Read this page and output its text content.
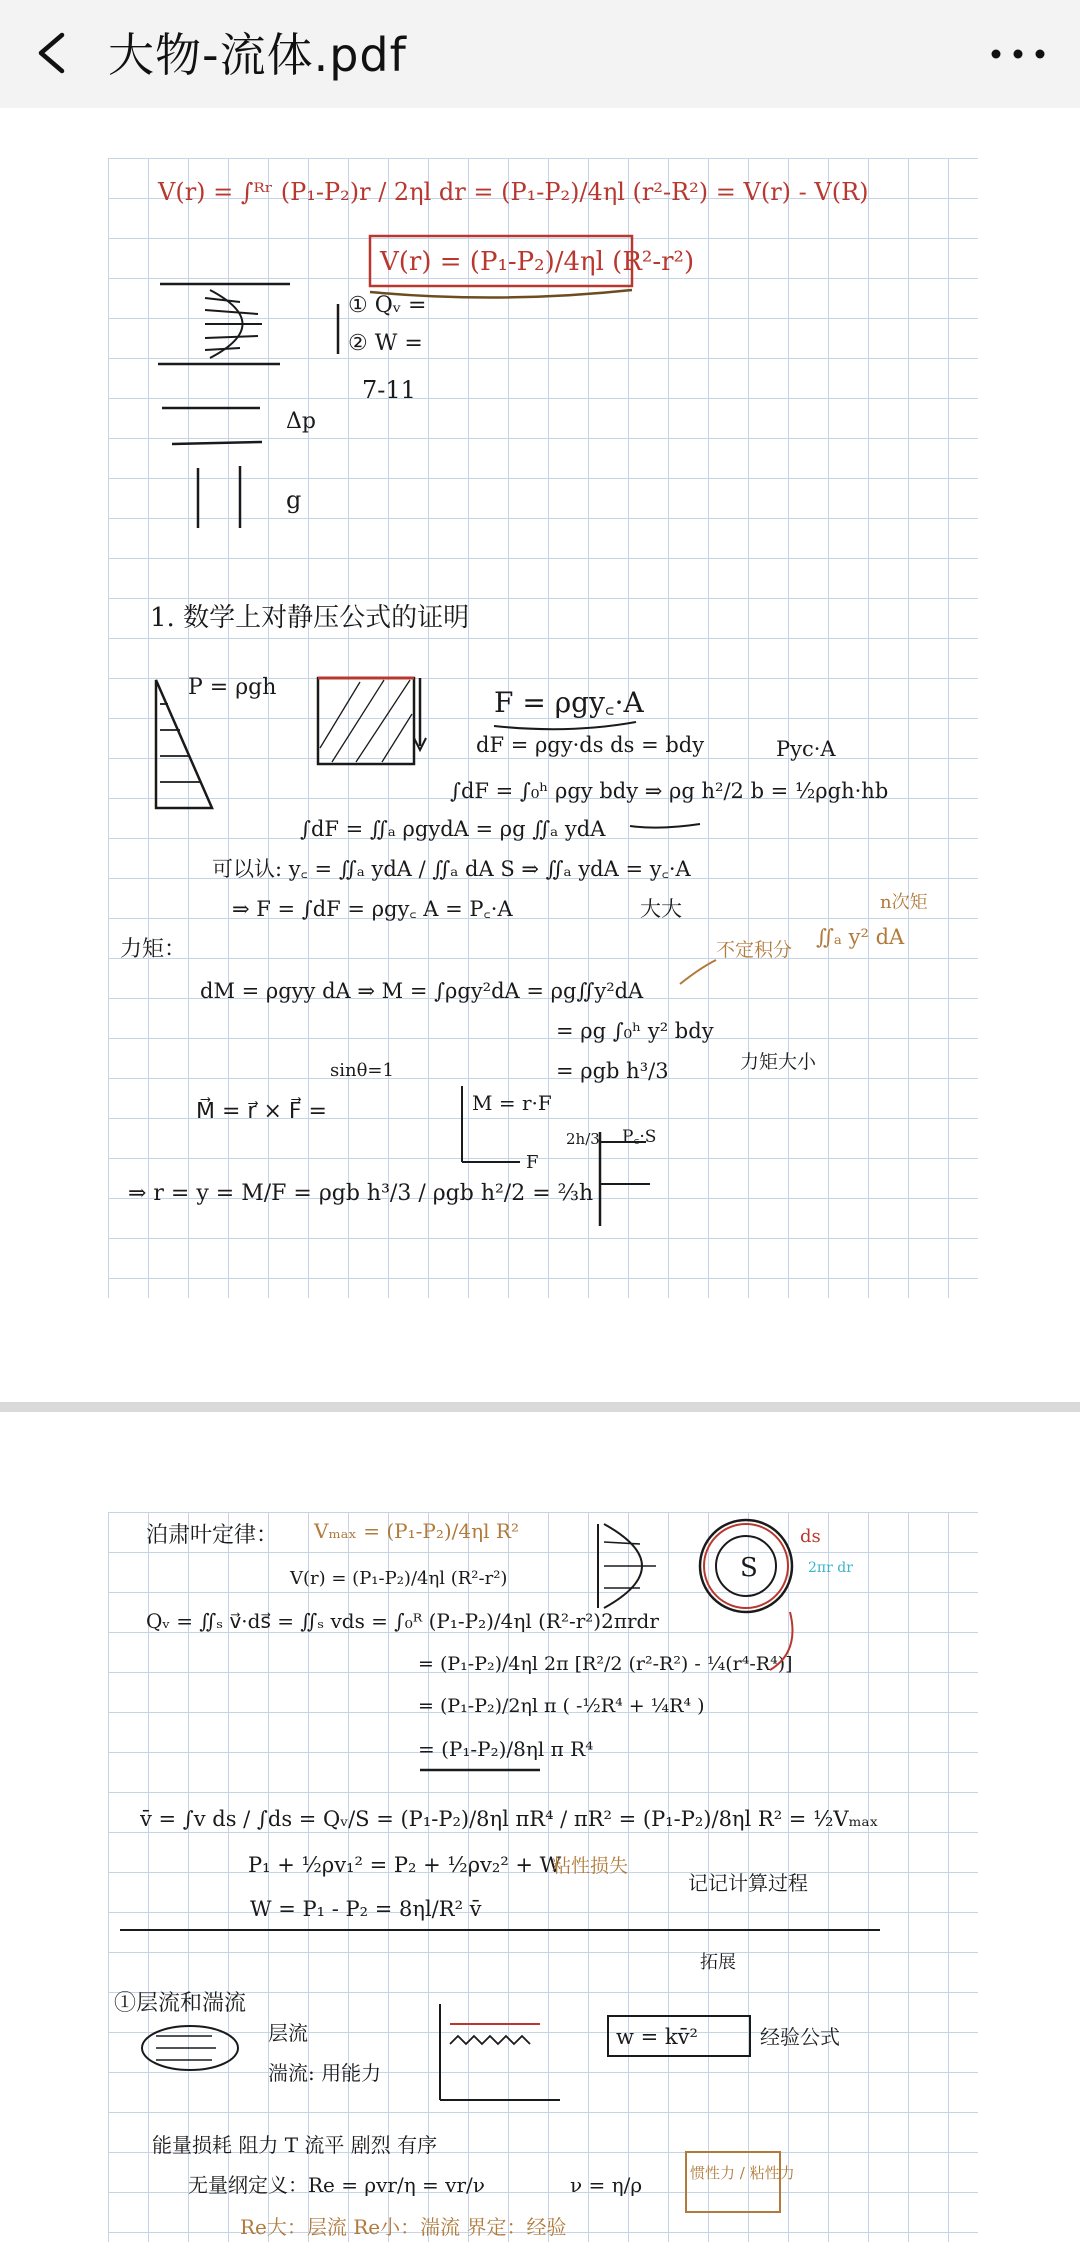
大物-流体.pdf
V(r) = ∫ᴿʳ (P₁-P₂)r / 2ηl dr = (P₁-P₂)/4ηl (r²-R²) = V(r) - V(R)
V(r) = (P₁-P₂)/4ηl (R²-r²)
① Qᵥ =
② W =
7-11
Δp
g
1. 数学上对静压公式的证明
P = ρgh	F = ρgy꜀·A
dF = ρgy·ds ds = bdy	Pyc·A
∫dF = ∫₀ʰ ρgy bdy ⇒ ρg h²/2 b = ½ρgh·hb
∫dF = ∬ₐ ρgydA = ρg ∬ₐ ydA
可以认: y꜀ = ∬ₐ ydA / ∬ₐ dA S ⇒ ∬ₐ ydA = y꜀·A
⇒ F = ∫dF = ρgy꜀ A = P꜀·A	大大
力矩：
dM = ρgyy dA ⇒ M = ∫ρgy²dA = ρg∬y²dA
= ρg ∫₀ʰ y² bdy
= ρgb h³/3	力矩大小
不定积分
∬ₐ y² dA
n次矩
sinθ=1
M⃗ = r⃗ × F⃗ =	M = r·F
F
2h/3 P꜀·S
⇒ r = y = M/F = ρgb h³/3 / ρgb h²/2 = ⅔h
泊肃叶定律： Vₘₐₓ = (P₁-P₂)/4ηl R²
V(r) = (P₁-P₂)/4ηl (R²-r²)
Qᵥ = ∬ₛ v⃗·ds⃗ = ∬ₛ vds = ∫₀ᴿ (P₁-P₂)/4ηl (R²-r²)2πrdr
= (P₁-P₂)/4ηl 2π [R²/2 (r²-R²) - ¼(r⁴-R⁴)]
= (P₁-P₂)/2ηl π ( -½R⁴ + ¼R⁴ )
= (P₁-P₂)/8ηl π R⁴
S
ds
2πr dr
v̄ = ∫v ds / ∫ds = Qᵥ/S = (P₁-P₂)/8ηl πR⁴ / πR² = (P₁-P₂)/8ηl R² = ½Vₘₐₓ
P₁ + ½ρv₁² = P₂ + ½ρv₂² + W
粘性损失
记记计算过程
W = P₁ - P₂ = 8ηl/R² v̄
拓展
①层流和湍流
层流
湍流: 用能力
w = kv̄²	经验公式
能量损耗 阻力 T 流平 剧烈 有序
无量纲定义：Re = ρvr/η = vr/ν	ν = η/ρ	惯性力 / 粘性力
Re大：层流 Re小：湍流 界定：经验
